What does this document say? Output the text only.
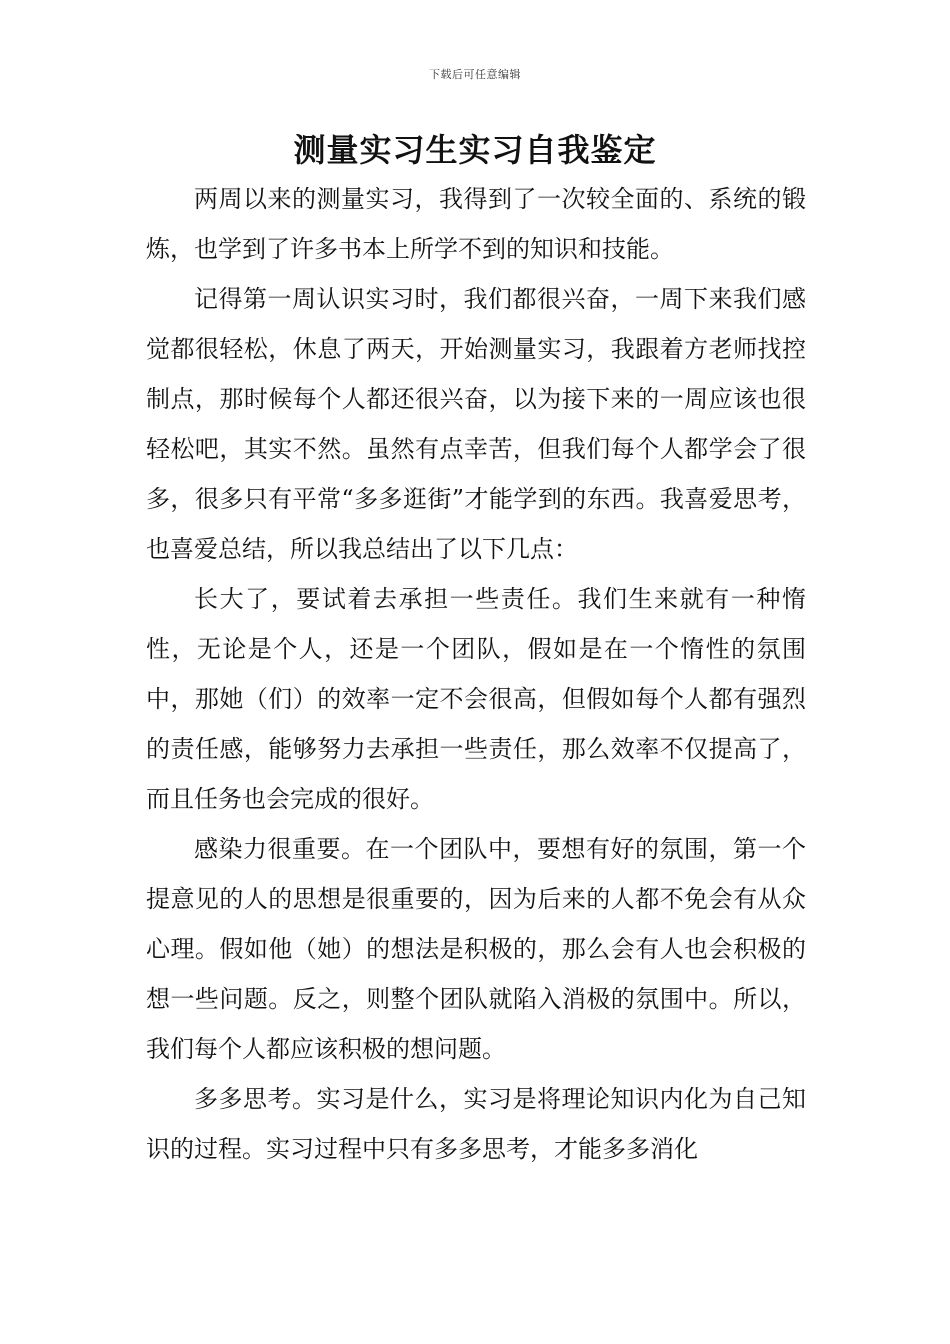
下载后可任意编辑
测量实习生实习自我鉴定

两周以来的测量实习，我得到了一次较全面的、系统的锻炼，也学到了许多书本上所学不到的知识和技能。

记得第一周认识实习时，我们都很兴奋，一周下来我们感觉都很轻松，休息了两天，开始测量实习，我跟着方老师找控制点，那时候每个人都还很兴奋，以为接下来的一周应该也很轻松吧，其实不然。虽然有点幸苦，但我们每个人都学会了很多，很多只有平常“多多逛街”才能学到的东西。我喜爱思考，也喜爱总结，所以我总结出了以下几点：

长大了，要试着去承担一些责任。我们生来就有一种惰性，无论是个人，还是一个团队，假如是在一个惰性的氛围中，那她（们）的效率一定不会很高，但假如每个人都有强烈的责任感，能够努力去承担一些责任，那么效率不仅提高了，而且任务也会完成的很好。

感染力很重要。在一个团队中，要想有好的氛围，第一个提意见的人的思想是很重要的，因为后来的人都不免会有从众心理。假如他（她）的想法是积极的，那么会有人也会积极的想一些问题。反之，则整个团队就陷入消极的氛围中。所以，我们每个人都应该积极的想问题。

多多思考。实习是什么，实习是将理论知识内化为自己知识的过程。实习过程中只有多多思考，才能多多消化
